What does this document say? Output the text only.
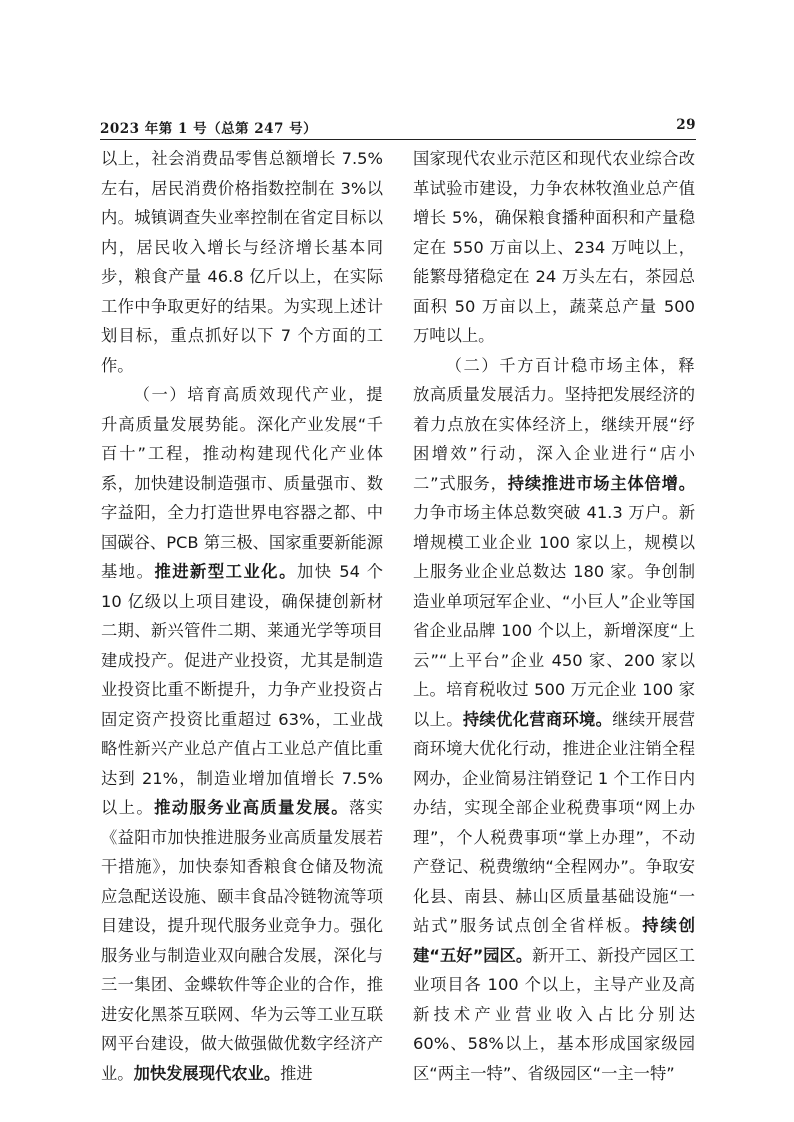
2023 年第 1 号（总第 247 号）	29

以上，社会消费品零售总额增长 7.5%左右，居民消费价格指数控制在 3%以内。城镇调查失业率控制在省定目标以内，居民收入增长与经济增长基本同步，粮食产量 46.8 亿斤以上，在实际工作中争取更好的结果。为实现上述计划目标，重点抓好以下 7 个方面的工作。

（一）培育高质效现代产业，提升高质量发展势能。深化产业发展“千百十”工程，推动构建现代化产业体系，加快建设制造强市、质量强市、数字益阳，全力打造世界电容器之都、中国碳谷、PCB 第三极、国家重要新能源基地。推进新型工业化。加快 54 个 10 亿级以上项目建设，确保捷创新材二期、新兴管件二期、莱通光学等项目建成投产。促进产业投资，尤其是制造业投资比重不断提升，力争产业投资占固定资产投资比重超过 63%，工业战略性新兴产业总产值占工业总产值比重达到 21%，制造业增加值增长 7.5%以上。推动服务业高质量发展。落实《益阳市加快推进服务业高质量发展若干措施》，加快泰知香粮食仓储及物流应急配送设施、颐丰食品冷链物流等项目建设，提升现代服务业竞争力。强化服务业与制造业双向融合发展，深化与三一集团、金蝶软件等企业的合作，推进安化黑茶互联网、华为云等工业互联网平台建设，做大做强做优数字经济产业。加快发展现代农业。推进

国家现代农业示范区和现代农业综合改革试验市建设，力争农林牧渔业总产值增长 5%，确保粮食播种面积和产量稳定在 550 万亩以上、234 万吨以上，能繁母猪稳定在 24 万头左右，茶园总面积 50 万亩以上，蔬菜总产量 500 万吨以上。

（二）千方百计稳市场主体，释放高质量发展活力。坚持把发展经济的着力点放在实体经济上，继续开展“纾困增效”行动，深入企业进行“店小二”式服务，持续推进市场主体倍增。力争市场主体总数突破 41.3 万户。新增规模工业企业 100 家以上，规模以上服务业企业总数达 180 家。争创制造业单项冠军企业、“小巨人”企业等国省企业品牌 100 个以上，新增深度“上云”“上平台”企业 450 家、200 家以上。培育税收过 500 万元企业 100 家以上。持续优化营商环境。继续开展营商环境大优化行动，推进企业注销全程网办，企业简易注销登记 1 个工作日内办结，实现全部企业税费事项“网上办理”，个人税费事项“掌上办理”，不动产登记、税费缴纳“全程网办”。争取安化县、南县、赫山区质量基础设施“一站式”服务试点创全省样板。持续创建“五好”园区。新开工、新投产园区工业项目各 100 个以上，主导产业及高新技术产业营业收入占比分别达 60%、58%以上，基本形成国家级园区“两主一特”、省级园区“一主一特”
